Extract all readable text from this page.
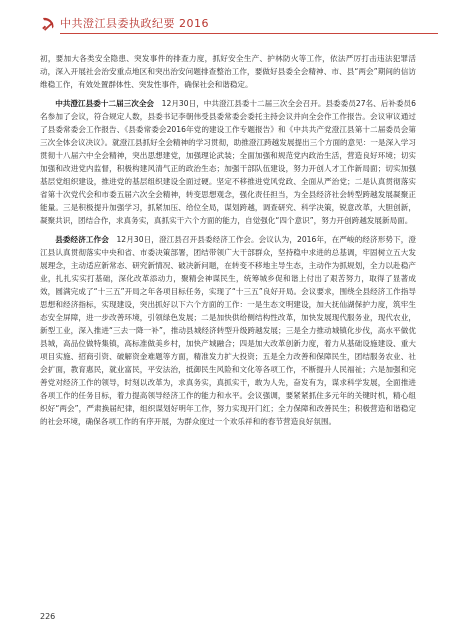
中共澄江县委执政纪要 2016

初，要加大各类安全隐患、突发事件的排查力度，抓好安全生产、护林防火等工作，依法严厉打击违法犯罪活动，深入开展社会治安重点地区和突出治安问题排查整治工作，要做好县委全会精神、市、县“两会”期间的信访维稳工作，有效处置群体性、突发性事件，确保社会和谐稳定。

中共澄江县委十二届三次全会  12月30日，中共澄江县委十二届三次全会召开。县委委员27名、后补委员6名参加了会议，符合规定人数，县委书记李朝伟受县委常委会委托主持会议并向全会作工作报告。会议审议通过了县委常委会工作报告、《县委常委会2016年党的建设工作专题报告》和《中共共产党澄江县第十二届委员会第三次全体会议决议》。就澄江县抓好全会精神的学习贯彻，助推澄江跨越发展提出三个方面的意见：一是深入学习贯彻十八届六中全会精神，突出思想建党，加强理论武装；全面加强和规范党内政治生活，营造良好环境；切实加强和改进党内监督，积极构建风清气正的政治生态；加强干部队伍建设，努力开创人才工作新局面；切实加强基层党组织建设，推进党的基层组织建设全面过硬。坚定不移推进党风党政、全面从严治党；二是认真贯彻落实省第十次党代会和市委五届六次全会精神，转变思想观念，强化责任担当，为全县经济社会转型跨越发展凝聚正能量。三是积极提升加强学习，抓紧加压、给位全局，谋划跨越，调查研究、科学决策，锐意改革，大胆创新，凝聚共识，团结合作，求真务实，真抓实干六个方面的能力，自觉强化“四个意识”，努力开创跨越发展新局面。

县委经济工作会  12月30日，澄江县召开县委经济工作会。会议认为，2016年，在严峻的经济形势下，澄江县认真贯彻落实中央和省、市委决策部署，团结带领广大干部群众，坚持稳中求进的总基调，牢固树立五大发展理念，主动适应新常态、研究新情况、破决新问题，在转变不移地主导生态，主动作为抓规划，全力以赴稳产业，扎扎实实打基础，深化改革添动力，聚精会神谋民生，统筹城乡促和谐上付出了艰苦努力，取得了显著成效，圆满完成了“十三五”开局之年各项目标任务，实现了“十三五”良好开局。会议要求，围绕全县经济工作指导思想和经济指标，实现建设，突出抓好以下六个方面的工作：一是生态文明建设，加大抚仙湖保护力度，筑牢生态安全屏障，进一步改善环境，引领绿色发展；二是加快供给侧结构性改革，加快发展现代服务业，现代农业，新型工业，深入推进“三去一降一补”，推动县城经济转型升级跨越发展；三是全力推动城镇化步伐，高水平做优县城，高品位做特集镇，高标准做美乡村，加快产城融合；四是加大改革创新力度，着力从基础设施建设、重大项目实施、招商引资、破解资金难题等方面，精准发力扩大投资；五是全力改善和保障民生，团结服务农业、社会扩面，教育惠民，就业富民，平安法治，抵御民生风险和文化等各项工作，不断提升人民福祉；六是加强和完善党对经济工作的领导，时刻以改革为，求真务实，真抓实干，敢为人先，奋发有为，谋求科学发展，全面推进各项工作的任务目标，着力提高领导经济工作的能力和水平。会议强调，要紧紧抓住多元年的关键时机，精心组织好“两会”，严肃换届纪律，组织谋划好明年工作，努力实现开门红；全力保障和改善民生；积极营造和谐稳定的社会环境，确保各项工作的有序开展，为群众度过一个欢乐祥和的春节营造良好氛围。

226
